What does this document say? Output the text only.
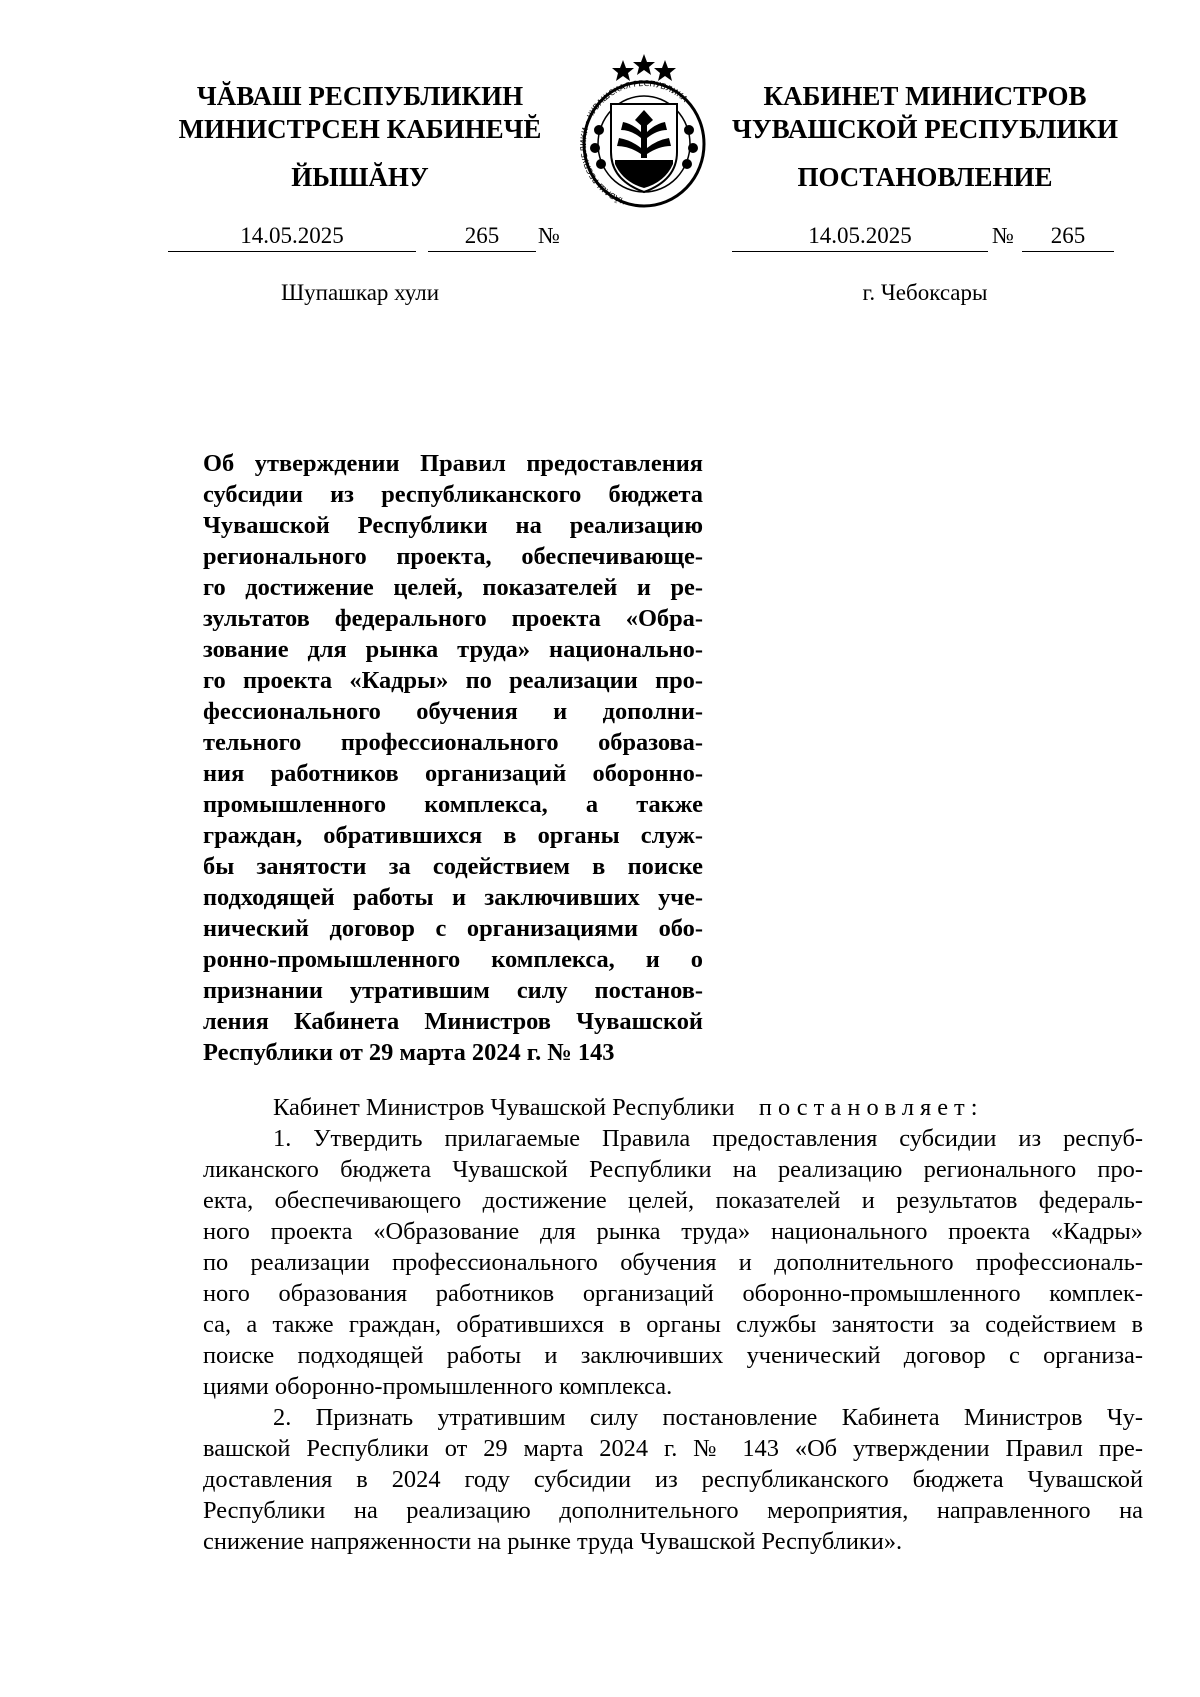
ЧĂВАШ РЕСПУБЛИКИН
МИНИСТРСЕН КАБИНЕЧĔ
ЙЫШĂНУ
ЧĂВАШ РЕСПУБЛИКИ • ЧУВАШСКАЯ РЕСПУБЛИКА	КАБИНЕТ МИНИСТРОВ
ЧУВАШСКОЙ РЕСПУБЛИКИ
ПОСТАНОВЛЕНИЕ
14.05.2025	265	№	14.05.2025	№	265
Шупашкар хули	г. Чебоксары
Об утверждении Правил предоставления
субсидии из республиканского бюджета
Чувашской Республики на реализацию
регионального проекта, обеспечивающе-
го достижение целей, показателей и ре-
зультатов федерального проекта «Обра-
зование для рынка труда» национально-
го проекта «Кадры» по реализации про-
фессионального обучения и дополни-
тельного профессионального образова-
ния работников организаций оборонно-
промышленного комплекса, а также
граждан, обратившихся в органы служ-
бы занятости за содействием в поиске
подходящей работы и заключивших уче-
нический договор с организациями обо-
ронно-промышленного комплекса, и о
признании утратившим силу постанов-
ления Кабинета Министров Чувашской
Республики от 29 марта 2024 г. № 143
Кабинет Министров Чувашской Республики постановляет:
1. Утвердить прилагаемые Правила предоставления субсидии из респуб-
ликанского бюджета Чувашской Республики на реализацию регионального про-
екта, обеспечивающего достижение целей, показателей и результатов федераль-
ного проекта «Образование для рынка труда» национального проекта «Кадры»
по реализации профессионального обучения и дополнительного профессиональ-
ного образования работников организаций оборонно-промышленного комплек-
са, а также граждан, обратившихся в органы службы занятости за содействием в
поиске подходящей работы и заключивших ученический договор с организа-
циями оборонно-промышленного комплекса.
2. Признать утратившим силу постановление Кабинета Министров Чу-
вашской Республики от 29 марта 2024 г. № 143 «Об утверждении Правил пре-
доставления в 2024 году субсидии из республиканского бюджета Чувашской
Республики на реализацию дополнительного мероприятия, направленного на
снижение напряженности на рынке труда Чувашской Республики».
